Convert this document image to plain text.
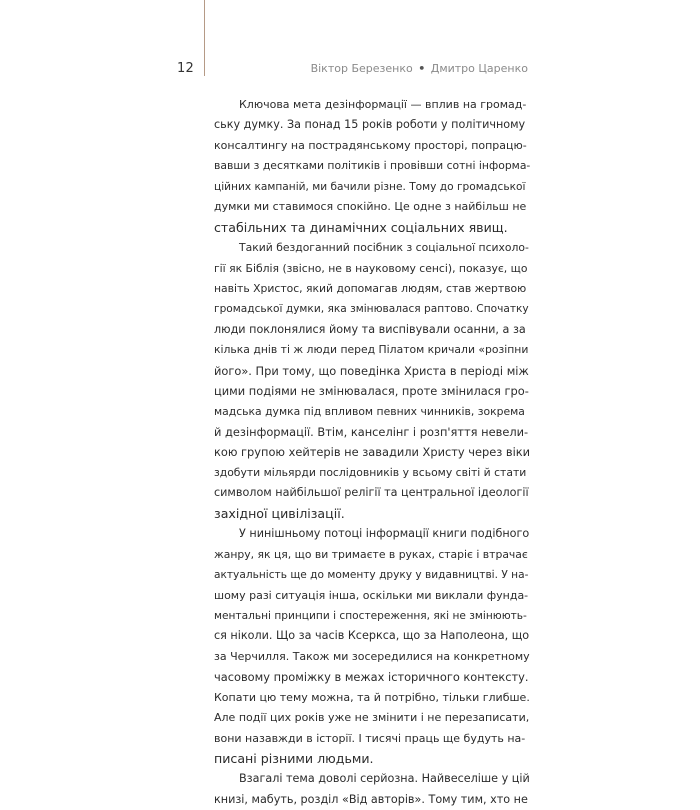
12	Віктор Березенко • Дмитро Царенко
Ключова мета дезінформації — вплив на громад-
ську думку. За понад 15 років роботи у політичному
консалтингу на пострадянському просторі, попрацю-
вавши з десятками політиків і провівши сотні інформа-
ційних кампаній, ми бачили різне. Тому до громадської
думки ми ставимося спокійно. Це одне з найбільш не
стабільних та динамічних соціальних явищ.
Такий бездоганний посібник з соціальної психоло-
гії як Біблія (звісно, не в науковому сенсі), показує, що
навіть Христос, який допомагав людям, став жертвою
громадської думки, яка змінювалася раптово. Спочатку
люди поклонялися йому та виспівували осанни, а за
кілька днів ті ж люди перед Пілатом кричали «розіпни
його». При тому, що поведінка Христа в періоді між
цими подіями не змінювалася, проте змінилася гро-
мадська думка під впливом певних чинників, зокрема
й дезінформації. Втім, канселінг і розп'яття невели-
кою групою хейтерів не завадили Христу через віки
здобути мільярди послідовників у всьому світі й стати
символом найбільшої релігії та центральної ідеології
західної цивілізації.
У нинішньому потоці інформації книги подібного
жанру, як ця, що ви тримаєте в руках, старіє і втрачає
актуальність ще до моменту друку у видавництві. У на-
шому разі ситуація інша, оскільки ми виклали фунда-
ментальні принципи і спостереження, які не змінюють-
ся ніколи. Що за часів Ксеркса, що за Наполеона, що
за Черчилля. Також ми зосередилися на конкретному
часовому проміжку в межах історичного контексту.
Копати цю тему можна, та й потрібно, тільки глибше.
Але події цих років уже не змінити і не перезаписати,
вони назавжди в історії. І тисячі праць ще будуть на-
писані різними людьми.
Взагалі тема доволі серйозна. Найвеселіше у цій
книзі, мабуть, розділ «Від авторів». Тому тим, хто не
